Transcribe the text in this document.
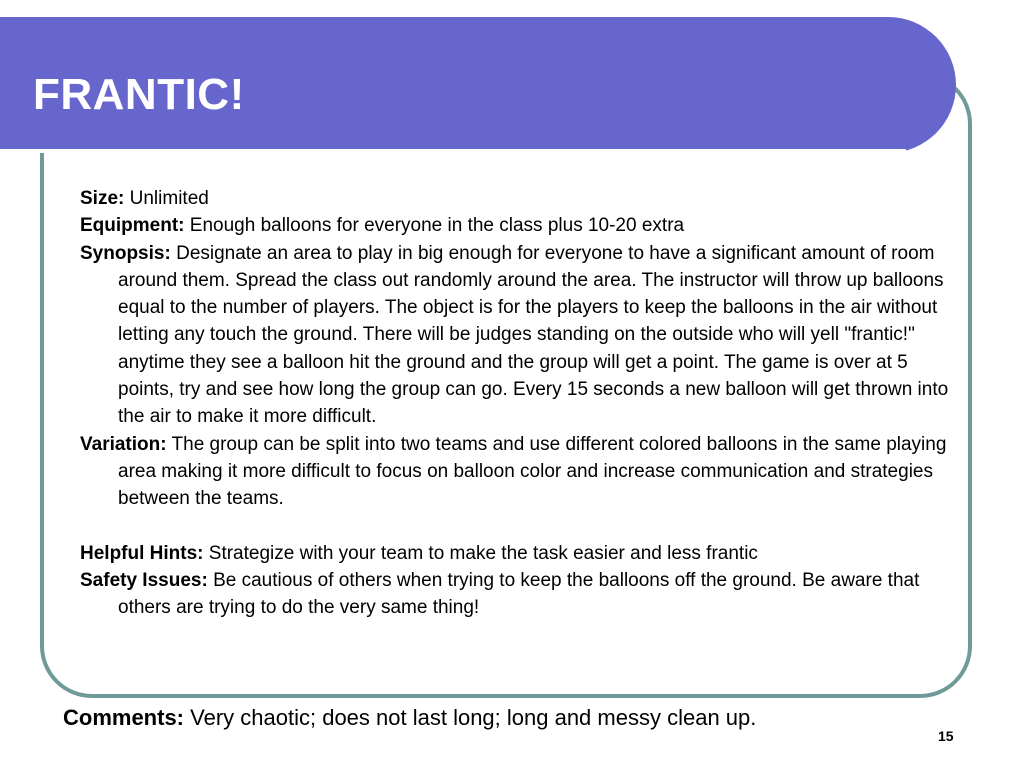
FRANTIC!

Size: Unlimited

Equipment: Enough balloons for everyone in the class plus 10-20 extra

Synopsis: Designate an area to play in big enough for everyone to have a significant amount of room around them. Spread the class out randomly around the area. The instructor will throw up balloons equal to the number of players. The object is for the players to keep the balloons in the air without letting any touch the ground. There will be judges standing on the outside who will yell "frantic!" anytime they see a balloon hit the ground and the group will get a point. The game is over at 5 points, try and see how long the group can go. Every 15 seconds a new balloon will get thrown into the air to make it more difficult.

Variation: The group can be split into two teams and use different colored balloons in the same playing area making it more difficult to focus on balloon color and increase communication and strategies between the teams.

Helpful Hints: Strategize with your team to make the task easier and less frantic

Safety Issues: Be cautious of others when trying to keep the balloons off the ground. Be aware that others are trying to do the very same thing!

Comments: Very chaotic; does not last long; long and messy clean up.
15
